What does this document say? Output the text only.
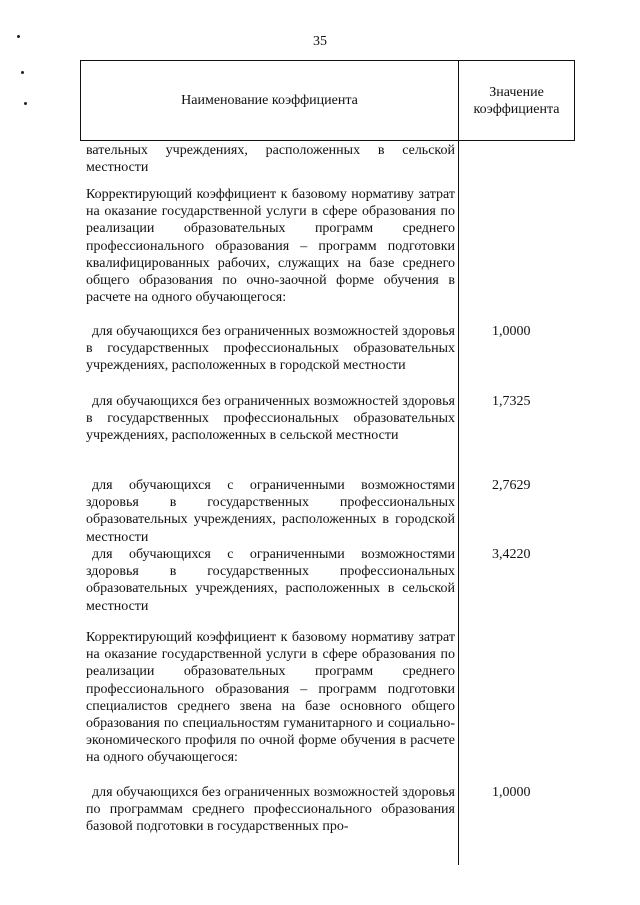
35
Наименование коэффициента
Значение коэффициента
вательных учреждениях, расположенных в сельской местности
Корректирующий коэффициент к базовому нормативу затрат на оказание государственной услуги в сфере образования по реализации образовательных программ среднего профессионального образования – программ подготовки квалифицированных рабочих, служащих на базе среднего общего образования по очно-заочной форме обучения в расчете на одного обучающегося:
для обучающихся без ограниченных возможностей здоровья в государственных профессиональных образовательных учреждениях, расположенных в городской местности
1,0000
для обучающихся без ограниченных возможностей здоровья в государственных профессиональных образовательных учреждениях, расположенных в сельской местности
1,7325
для обучающихся с ограниченными возможностями здоровья в государственных профессиональных образовательных учреждениях, расположенных в городской местности
2,7629
для обучающихся с ограниченными возможностями здоровья в государственных профессиональных образовательных учреждениях, расположенных в сельской местности
3,4220
Корректирующий коэффициент к базовому нормативу затрат на оказание государственной услуги в сфере образования по реализации образовательных программ среднего профессионального образования – программ подготовки специалистов среднего звена на базе основного общего образования по специальностям гуманитарного и социально-экономического профиля по очной форме обучения в расчете на одного обучающегося:
для обучающихся без ограниченных возможностей здоровья по программам среднего профессионального образования базовой подготовки в государственных про-
1,0000
